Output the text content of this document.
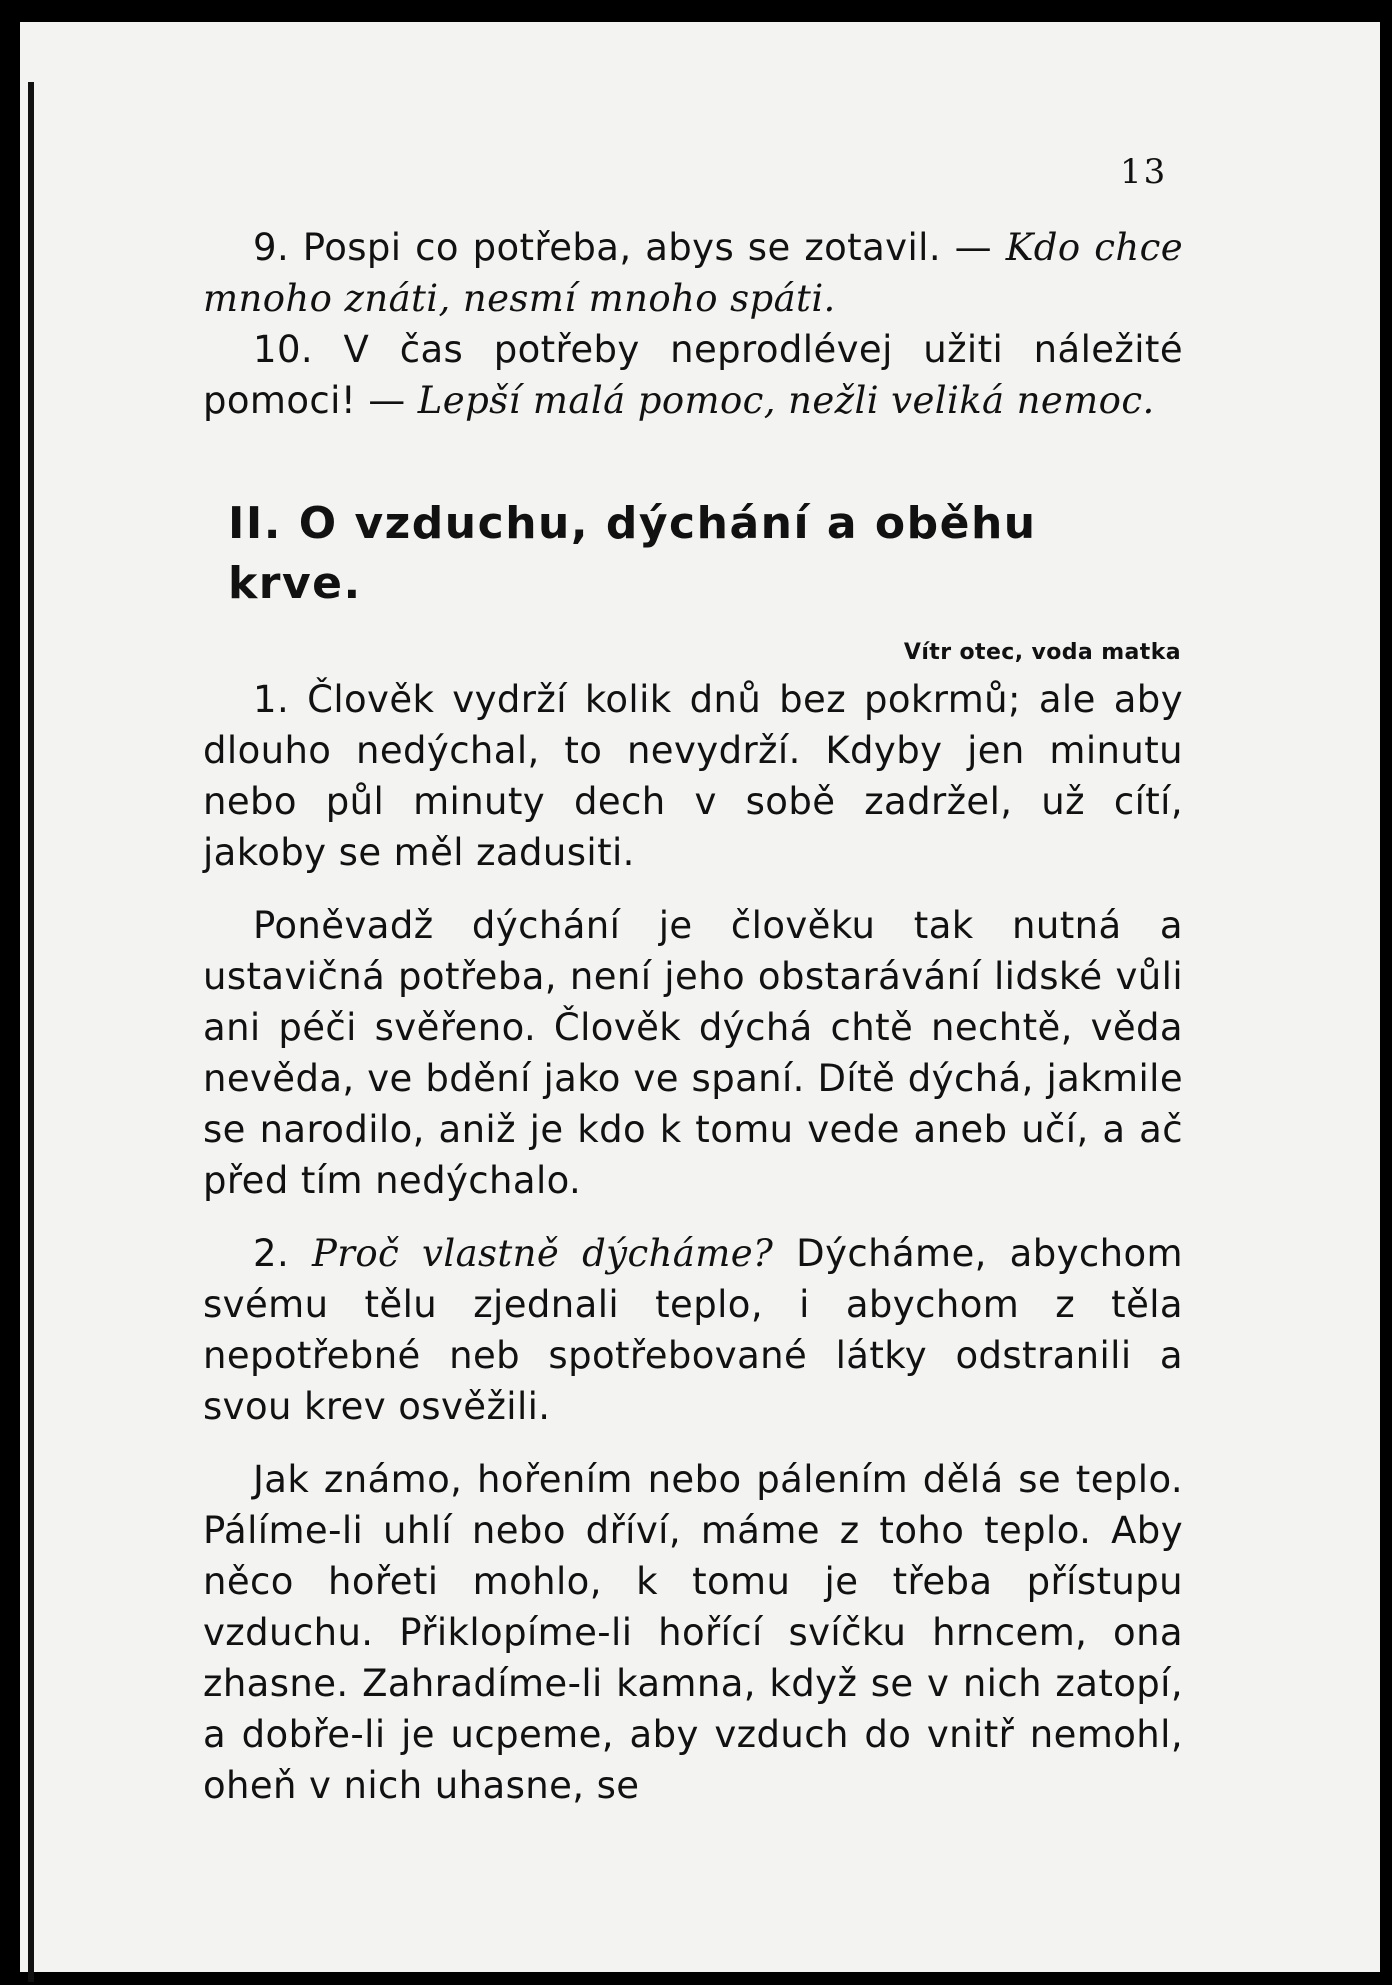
13

9. Pospi co potřeba, abys se zotavil. — Kdo chce mnoho znáti, nesmí mnoho spáti.

10. V čas potřeby neprodlévej užiti náležité pomoci! — Lepší malá pomoc, nežli veliká nemoc.

II. O vzduchu, dýchání a oběhu krve.
Vítr otec, voda matka

1. Člověk vydrží kolik dnů bez pokrmů; ale aby dlouho nedýchal, to nevydrží. Kdyby jen minutu nebo půl minuty dech v sobě zadržel, už cítí, jakoby se měl zadusiti.

Poněvadž dýchání je člověku tak nutná a ustavičná potřeba, není jeho obstarávání lidské vůli ani péči svěřeno. Člověk dýchá chtě nechtě, věda nevěda, ve bdění jako ve spaní. Dítě dýchá, jakmile se narodilo, aniž je kdo k tomu vede aneb učí, a ač před tím nedýchalo.

2. Proč vlastně dýcháme? Dýcháme, abychom svému tělu zjednali teplo, i abychom z těla nepotřebné neb spotřebované látky odstranili a svou krev osvěžili.

Jak známo, hořením nebo pálením dělá se teplo. Pálíme-li uhlí nebo dříví, máme z toho teplo. Aby něco hořeti mohlo, k tomu je třeba přístupu vzduchu. Přiklopíme-li hořící svíčku hrncem, ona zhasne. Zahradíme-li kamna, když se v nich zatopí, a dobře-li je ucpeme, aby vzduch do vnitř nemohl, oheň v nich uhasne, se
